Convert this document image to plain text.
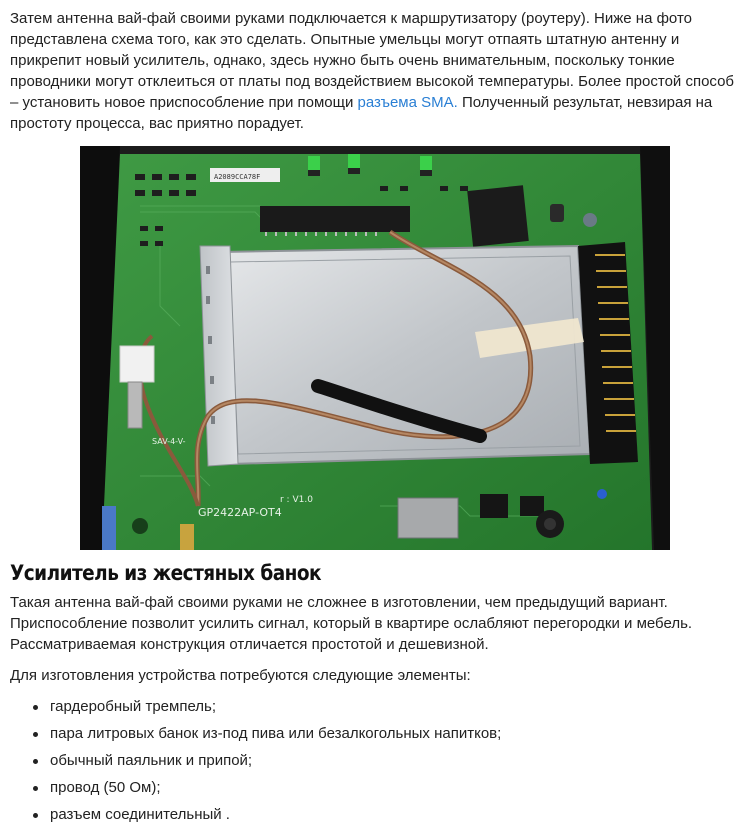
Затем антенна вай-фай своими руками подключается к маршрутизатору (роутеру). Ниже на фото представлена схема того, как это сделать. Опытные умельцы могут отпаять штатную антенну и прикрепит новый усилитель, однако, здесь нужно быть очень внимательным, поскольку тонкие проводники могут отклеиться от платы под воздействием высокой температуры. Более простой способ – установить новое приспособление при помощи разъема SMA. Полученный результат, невзирая на простоту процесса, вас приятно порадует.

A2089CCA78F
GP2422AP-OT4
r : V1.0
SAV-4-V-
Усилитель из жестяных банок

Такая антенна вай-фай своими руками не сложнее в изготовлении, чем предыдущий вариант. Приспособление позволит усилить сигнал, который в квартире ослабляют перегородки и мебель. Рассматриваемая конструкция отличается простотой и дешевизной.

Для изготовления устройства потребуются следующие элементы:

гардеробный тремпель;
пара литровых банок из-под пива или безалкогольных напитков;
обычный паяльник и припой;
провод (50 Ом);
разъем соединительный .
